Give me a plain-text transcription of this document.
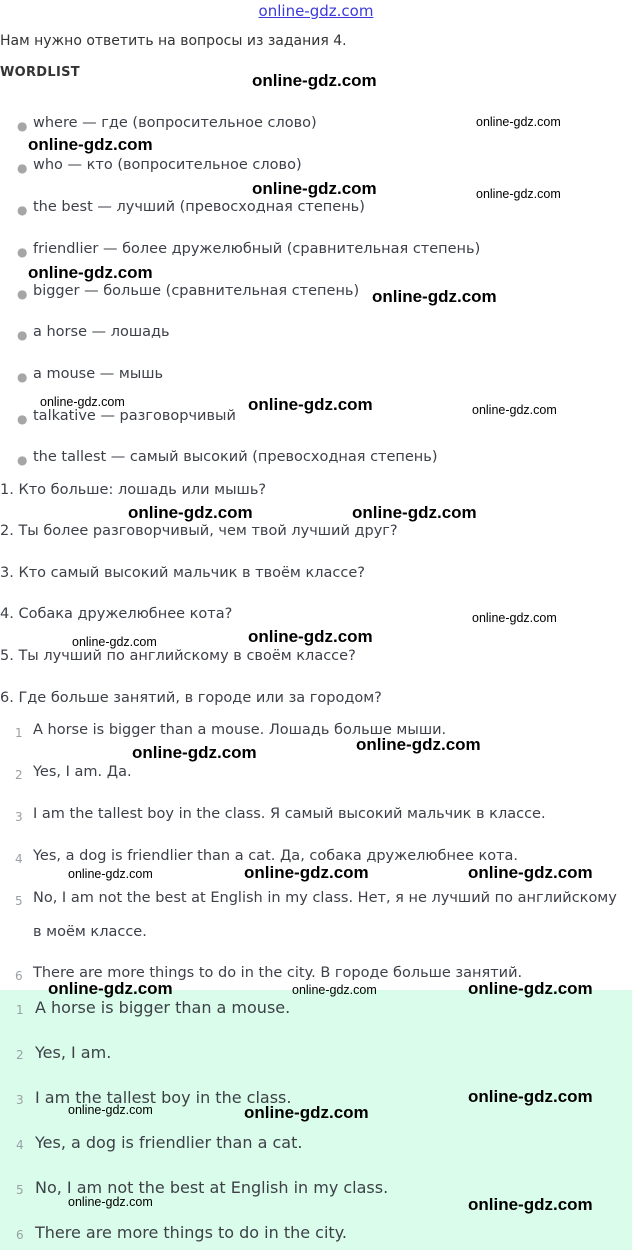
online-gdz.com
Нам нужно ответить на вопросы из задания 4.
WORDLIST
● where — где (вопросительное слово)
● who — кто (вопросительное слово)
● the best — лучший (превосходная степень)
● friendlier — более дружелюбный (сравнительная степень)
● bigger — больше (сравнительная степень)
● a horse — лошадь
● a mouse — мышь
● talkative — разговорчивый
● the tallest — самый высокий (превосходная степень)
1. Кто больше: лошадь или мышь?
2. Ты более разговорчивый, чем твой лучший друг?
3. Кто самый высокий мальчик в твоём классе?
4. Собака дружелюбнее кота?
5. Ты лучший по английскому в своём классе?
6. Где больше занятий, в городе или за городом?
1 A horse is bigger than a mouse. Лошадь больше мыши.
2 Yes, I am. Да.
3 I am the tallest boy in the class. Я самый высокий мальчик в классе.
4 Yes, a dog is friendlier than a cat. Да, собака дружелюбнее кота.
5 No, I am not the best at English in my class. Нет, я не лучший по английскому
в моём классе.
6 There are more things to do in the city. В городе больше занятий.
1 A horse is bigger than a mouse.
2 Yes, I am.
3 I am the tallest boy in the class.
4 Yes, a dog is friendlier than a cat.
5 No, I am not the best at English in my class.
6 There are more things to do in the city.
online-gdz.com
online-gdz.com
online-gdz.com
online-gdz.com	online-gdz.com
online-gdz.com
online-gdz.com
online-gdz.com	online-gdz.com	online-gdz.com
online-gdz.com	online-gdz.com
online-gdz.com
online-gdz.com
online-gdz.com
online-gdz.com
online-gdz.com
online-gdz.com	online-gdz.com	online-gdz.com
online-gdz.com	online-gdz.com	online-gdz.com
online-gdz.com
online-gdz.com	online-gdz.com
online-gdz.com	online-gdz.com
